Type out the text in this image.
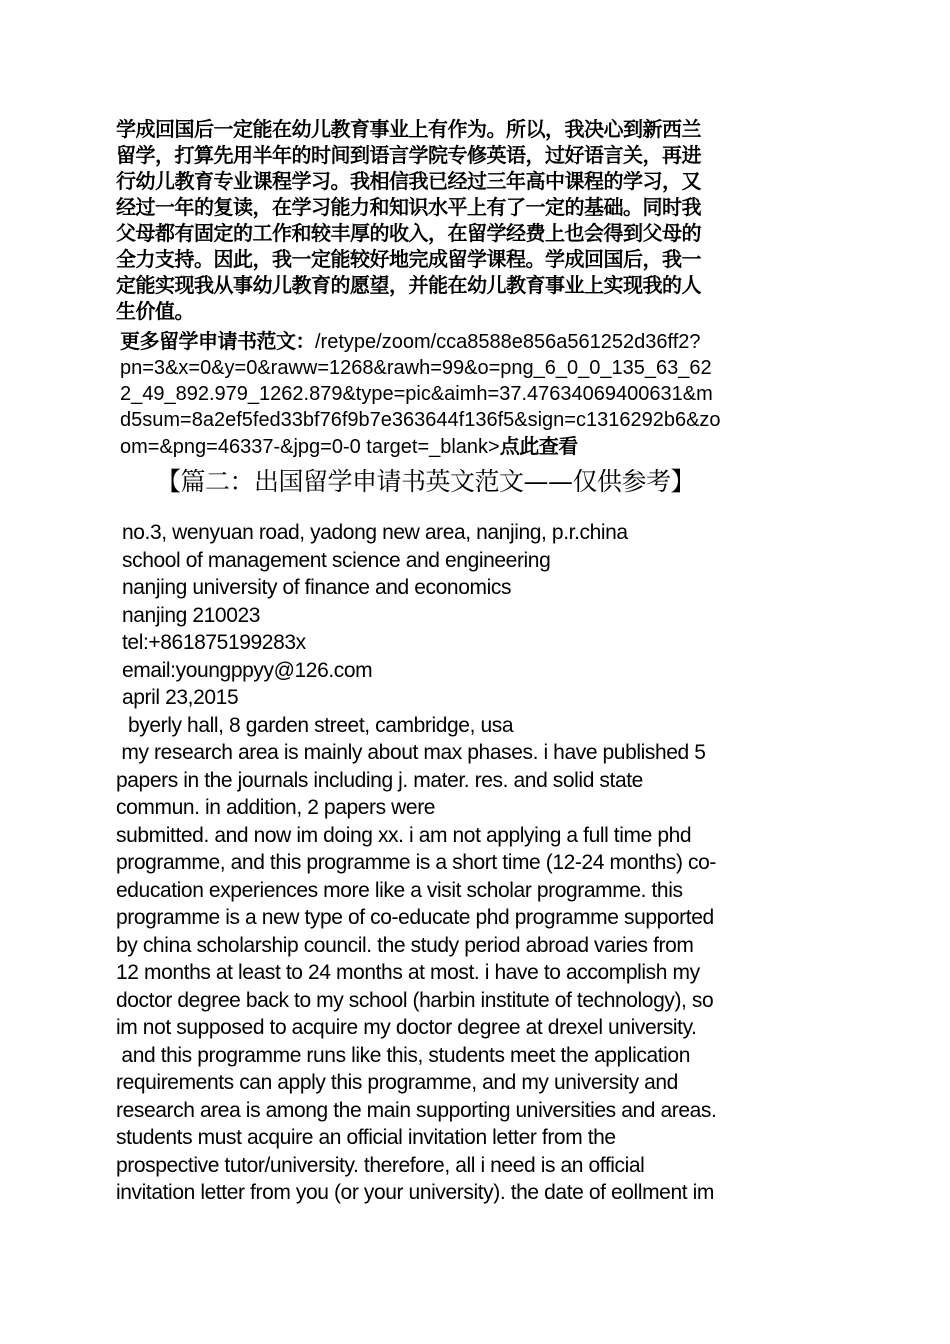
学成回国后一定能在幼儿教育事业上有作为。所以，我决心到新西兰
留学，打算先用半年的时间到语言学院专修英语，过好语言关，再进
行幼儿教育专业课程学习。我相信我已经过三年高中课程的学习，又
经过一年的复读，在学习能力和知识水平上有了一定的基础。同时我
父母都有固定的工作和较丰厚的收入，在留学经费上也会得到父母的
全力支持。因此，我一定能较好地完成留学课程。学成回国后，我一
定能实现我从事幼儿教育的愿望，并能在幼儿教育事业上实现我的人
生价值。
更多留学申请书范文：/retype/zoom/cca8588e856a561252d36ff2?
pn=3&x=0&y=0&raww=1268&rawh=99&o=png_6_0_0_135_63_62
2_49_892.979_1262.879&type=pic&aimh=37.47634069400631&m
d5sum=8a2ef5fed33bf76f9b7e363644f136f5&sign=c1316292b6&zo
om=&png=46337-&jpg=0-0 target=_blank>点此查看
【篇二：出国留学申请书英文范文——仅供参考】
no.3, wenyuan road, yadong new area, nanjing, p.r.china
school of management science and engineering
nanjing university of finance and economics
nanjing 210023
tel:+861875199283x
email:youngppyy@126.com
april 23,2015
byerly hall, 8 garden street, cambridge, usa
my research area is mainly about max phases. i have published 5
papers in the journals including j. mater. res. and solid state
commun. in addition, 2 papers were
submitted. and now im doing xx. i am not applying a full time phd
programme, and this programme is a short time (12-24 months) co-
education experiences more like a visit scholar programme. this
programme is a new type of co-educate phd programme supported
by china scholarship council. the study period abroad varies from
12 months at least to 24 months at most. i have to accomplish my
doctor degree back to my school (harbin institute of technology), so
im not supposed to acquire my doctor degree at drexel university.
and this programme runs like this, students meet the application
requirements can apply this programme, and my university and
research area is among the main supporting universities and areas.
students must acquire an official invitation letter from the
prospective tutor/university. therefore, all i need is an official
invitation letter from you (or your university). the date of eollment im
